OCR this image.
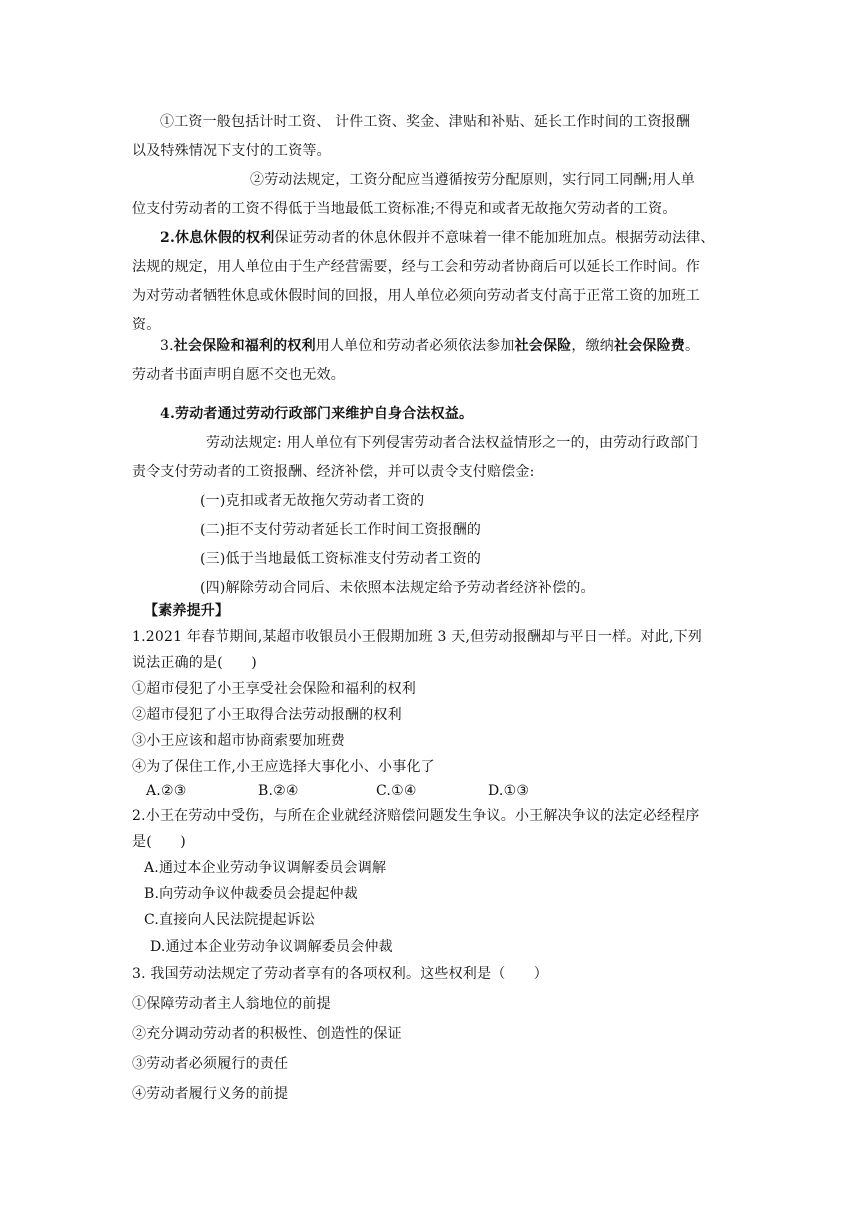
①工资一般包括计时工资、 计件工资、奖金、津贴和补贴、延长工作时间的工资报酬
以及特殊情况下支付的工资等。
②劳动法规定，工资分配应当遵循按劳分配原则，实行同工同酬;用人单
位支付劳动者的工资不得低于当地最低工资标准;不得克和或者无故拖欠劳动者的工资。
2.休息休假的权利保证劳动者的休息休假并不意味着一律不能加班加点。根据劳动法律、
法规的规定，用人单位由于生产经营需要，经与工会和劳动者协商后可以延长工作时间。作
为对劳动者牺牲休息或休假时间的回报，用人单位必须向劳动者支付高于正常工资的加班工
资。
3.社会保险和福利的权利用人单位和劳动者必须依法参加社会保险，缴纳社会保险费。
劳动者书面声明自愿不交也无效。
4.劳动者通过劳动行政部门来维护自身合法权益。
劳动法规定: 用人单位有下列侵害劳动者合法权益情形之一的，由劳动行政部门
责令支付劳动者的工资报酬、经济补偿，并可以责令支付赔偿金:
(一)克扣或者无故拖欠劳动者工资的
(二)拒不支付劳动者延长工作时间工资报酬的
(三)低于当地最低工资标准支付劳动者工资的
(四)解除劳动合同后、未依照本法规定给予劳动者经济补偿的。
【素养提升】
1.2021 年春节期间,某超市收银员小王假期加班 3 天,但劳动报酬却与平日一样。对此,下列
说法正确的是(　　)
①超市侵犯了小王享受社会保险和福利的权利
②超市侵犯了小王取得合法劳动报酬的权利
③小王应该和超市协商索要加班费
④为了保住工作,小王应选择大事化小、小事化了
A.②③	B.②④	C.①④	D.①③
2.小王在劳动中受伤，与所在企业就经济赔偿问题发生争议。小王解决争议的法定必经程序
是(　　)
A.通过本企业劳动争议调解委员会调解
B.向劳动争议仲裁委员会提起仲裁
C.直接向人民法院提起诉讼
D.通过本企业劳动争议调解委员会仲裁
3. 我国劳动法规定了劳动者享有的各项权利。这些权利是（　　）
①保障劳动者主人翁地位的前提
②充分调动劳动者的积极性、创造性的保证
③劳动者必须履行的责任
④劳动者履行义务的前提
